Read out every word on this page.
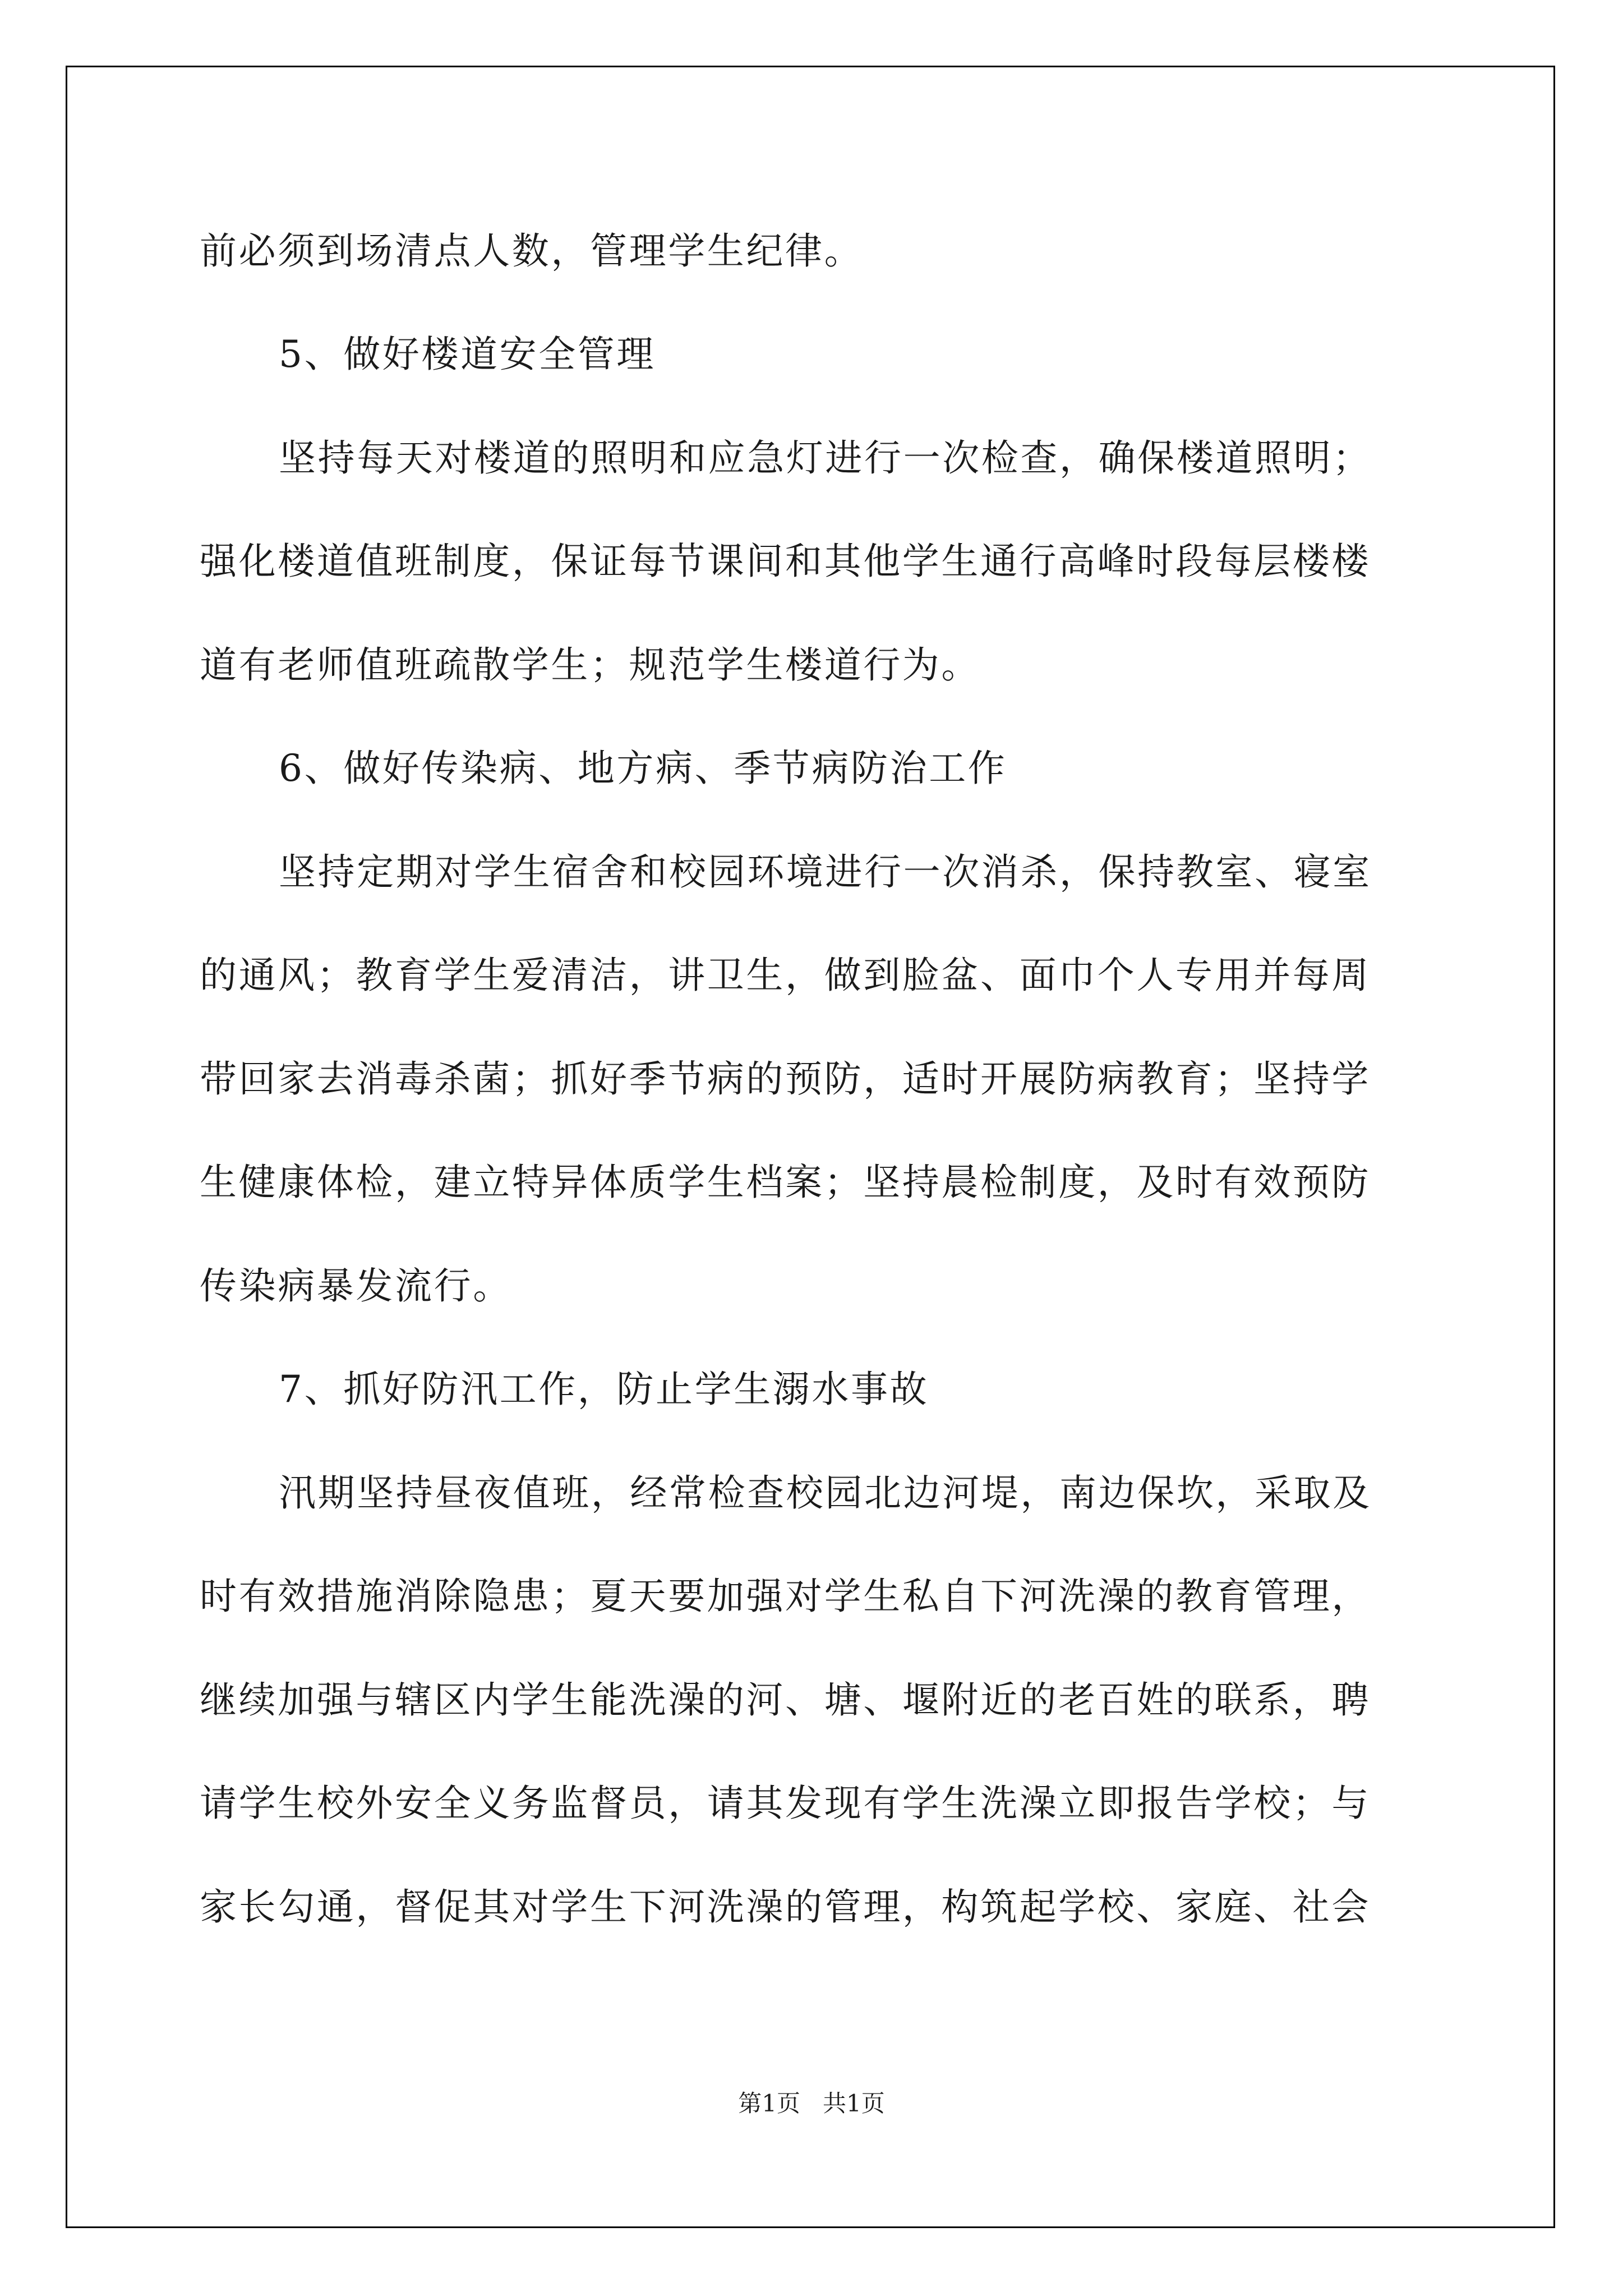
前必须到场清点人数，管理学生纪律。
5、做好楼道安全管理
坚持每天对楼道的照明和应急灯进行一次检查，确保楼道照明；
强化楼道值班制度，保证每节课间和其他学生通行高峰时段每层楼楼
道有老师值班疏散学生；规范学生楼道行为。
6、做好传染病、地方病、季节病防治工作
坚持定期对学生宿舍和校园环境进行一次消杀，保持教室、寝室
的通风；教育学生爱清洁，讲卫生，做到脸盆、面巾个人专用并每周
带回家去消毒杀菌；抓好季节病的预防，适时开展防病教育；坚持学
生健康体检，建立特异体质学生档案；坚持晨检制度，及时有效预防
传染病暴发流行。
7、抓好防汛工作，防止学生溺水事故
汛期坚持昼夜值班，经常检查校园北边河堤，南边保坎，采取及
时有效措施消除隐患；夏天要加强对学生私自下河洗澡的教育管理，
继续加强与辖区内学生能洗澡的河、塘、堰附近的老百姓的联系，聘
请学生校外安全义务监督员，请其发现有学生洗澡立即报告学校；与
家长勾通，督促其对学生下河洗澡的管理，构筑起学校、家庭、社会
第1页   共1页
